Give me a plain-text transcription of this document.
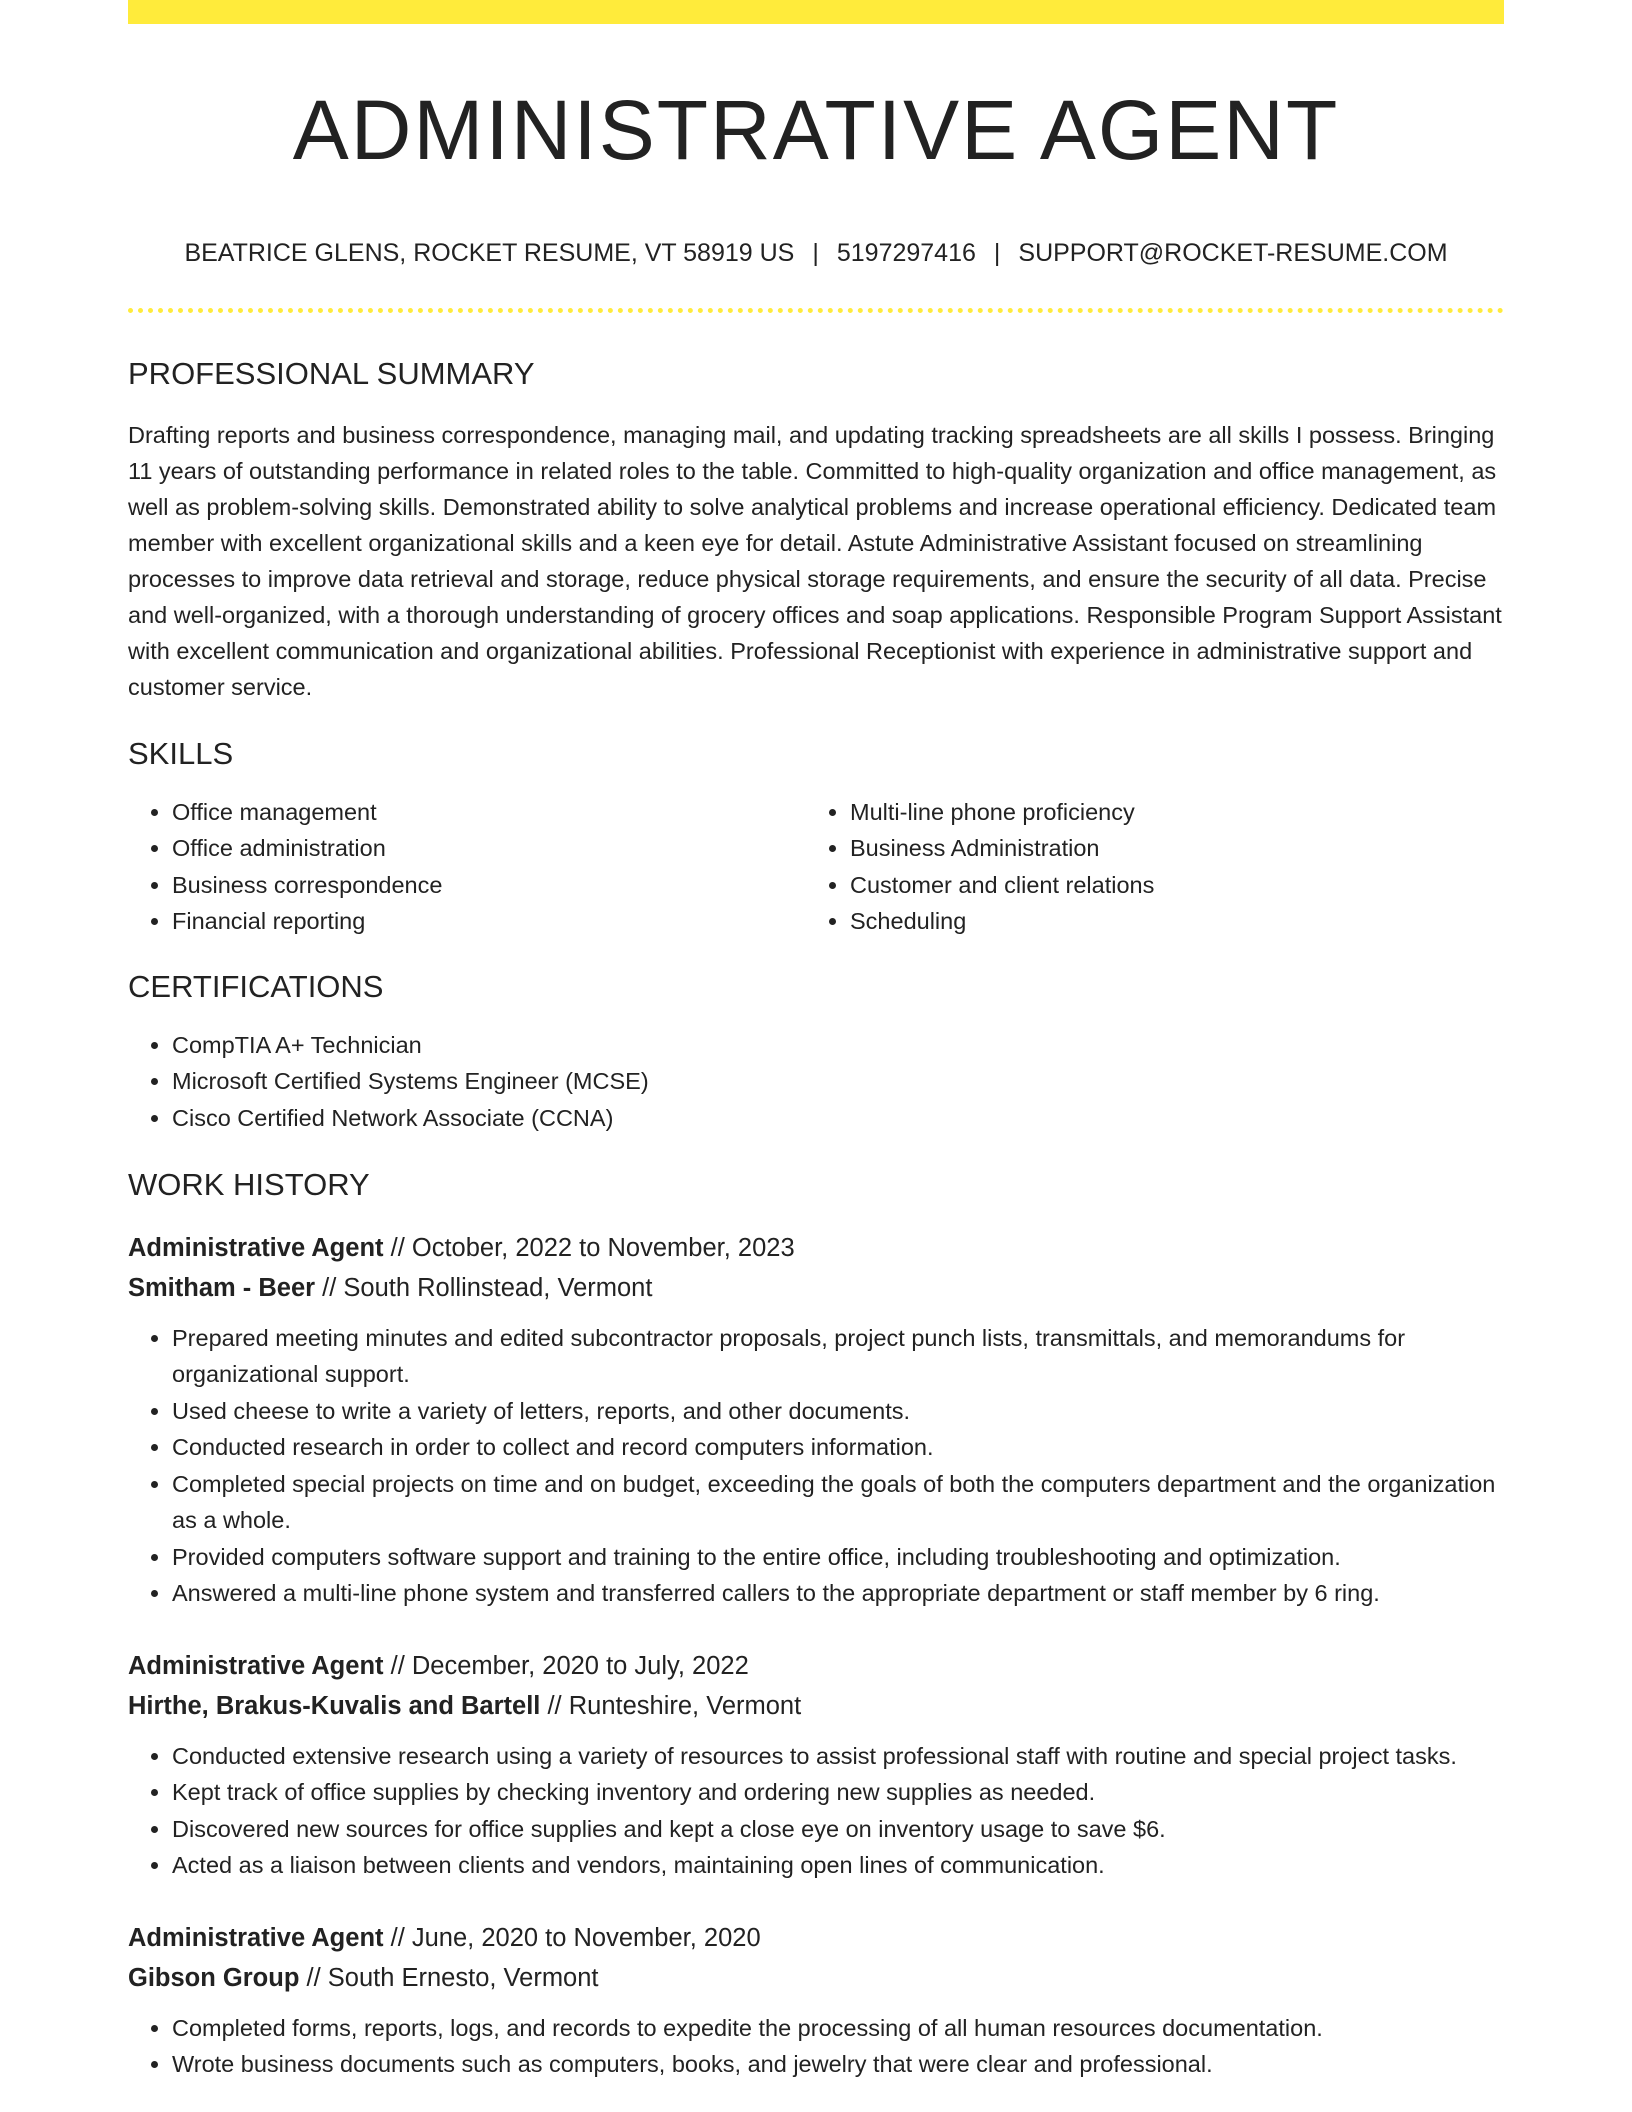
ADMINISTRATIVE AGENT
BEATRICE GLENS, ROCKET RESUME, VT 58919 US | 5197297416 | SUPPORT@ROCKET-RESUME.COM
PROFESSIONAL SUMMARY

Drafting reports and business correspondence, managing mail, and updating tracking spreadsheets are all skills I possess. Bringing 11 years of outstanding performance in related roles to the table. Committed to high-quality organization and office management, as well as problem-solving skills. Demonstrated ability to solve analytical problems and increase operational efficiency. Dedicated team member with excellent organizational skills and a keen eye for detail. Astute Administrative Assistant focused on streamlining processes to improve data retrieval and storage, reduce physical storage requirements, and ensure the security of all data. Precise and well-organized, with a thorough understanding of grocery offices and soap applications. Responsible Program Support Assistant with excellent communication and organizational abilities. Professional Receptionist with experience in administrative support and customer service.

SKILLS
• Office management
• Office administration
• Business correspondence
• Financial reporting
• Multi-line phone proficiency
• Business Administration
• Customer and client relations
• Scheduling
CERTIFICATIONS
• CompTIA A+ Technician
• Microsoft Certified Systems Engineer (MCSE)
• Cisco Certified Network Associate (CCNA)
WORK HISTORY
Administrative Agent // October, 2022 to November, 2023
Smitham - Beer // South Rollinstead, Vermont
• Prepared meeting minutes and edited subcontractor proposals, project punch lists, transmittals, and memorandums for organizational support.
• Used cheese to write a variety of letters, reports, and other documents.
• Conducted research in order to collect and record computers information.
• Completed special projects on time and on budget, exceeding the goals of both the computers department and the organization as a whole.
• Provided computers software support and training to the entire office, including troubleshooting and optimization.
• Answered a multi-line phone system and transferred callers to the appropriate department or staff member by 6 ring.
Administrative Agent // December, 2020 to July, 2022
Hirthe, Brakus-Kuvalis and Bartell // Runteshire, Vermont
• Conducted extensive research using a variety of resources to assist professional staff with routine and special project tasks.
• Kept track of office supplies by checking inventory and ordering new supplies as needed.
• Discovered new sources for office supplies and kept a close eye on inventory usage to save $6.
• Acted as a liaison between clients and vendors, maintaining open lines of communication.
Administrative Agent // June, 2020 to November, 2020
Gibson Group // South Ernesto, Vermont
• Completed forms, reports, logs, and records to expedite the processing of all human resources documentation.
• Wrote business documents such as computers, books, and jewelry that were clear and professional.
